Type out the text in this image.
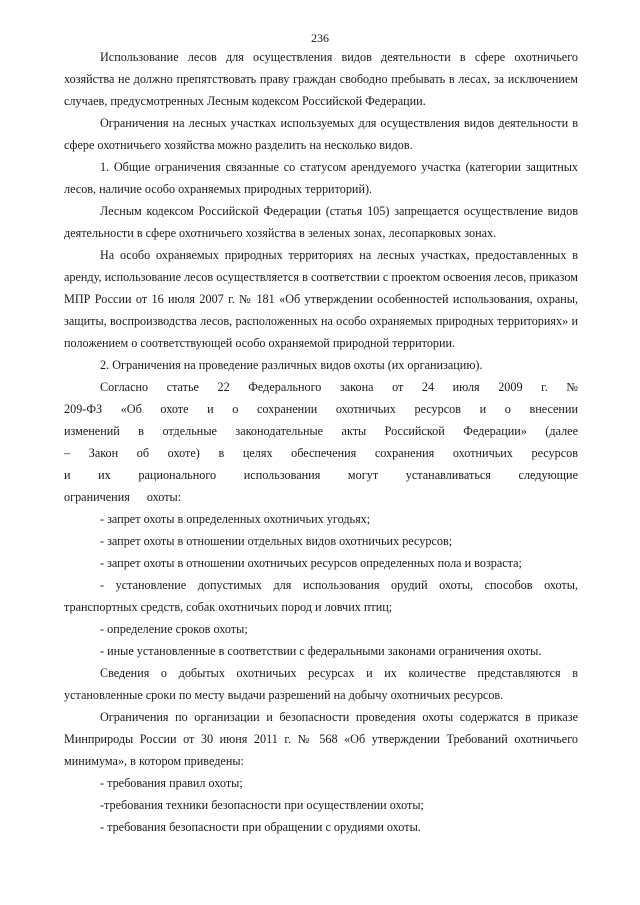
236

Использование лесов для осуществления видов деятельности в сфере охотничьего хозяйства не должно препятствовать праву граждан свободно пребывать в лесах, за исключением случаев, предусмотренных Лесным кодексом Российской Федерации.

Ограничения на лесных участках используемых для осуществления видов деятельности в сфере охотничьего хозяйства можно разделить на несколько видов.

1. Общие ограничения связанные со статусом арендуемого участка (категории защитных лесов, наличие особо охраняемых природных территорий).

Лесным кодексом Российской Федерации (статья 105) запрещается осуществление видов деятельности в сфере охотничьего хозяйства в зеленых зонах, лесопарковых зонах.

На особо охраняемых природных территориях на лесных участках, предоставленных в аренду, использование лесов осуществляется в соответствии с проектом освоения лесов, приказом МПР России от 16 июля 2007 г. № 181 «Об утверждении особенностей использования, охраны, защиты, воспроизводства лесов, расположенных на особо охраняемых природных территориях» и положением о соответствующей особо охраняемой природной территории.

2. Ограничения на проведение различных видов охоты (их организацию).

Согласно статье 22 Федерального закона от 24 июля 2009 г. № 209-ФЗ «Об охоте и о сохранении охотничьих ресурсов и о внесении изменений в отдельные законодательные акты Российской Федерации» (далее – Закон об охоте) в целях обеспечения сохранения охотничьих ресурсов и их рационального использования могут устанавливаться следующие ограничения охоты:

- запрет охоты в определенных охотничьих угодьях;

- запрет охоты в отношении отдельных видов охотничьих ресурсов;

- запрет охоты в отношении охотничьих ресурсов определенных пола и возраста;

- установление допустимых для использования орудий охоты, способов охоты, транспортных средств, собак охотничьих пород и ловчих птиц;

- определение сроков охоты;

- иные установленные в соответствии с федеральными законами ограничения охоты.

Сведения о добытых охотничьих ресурсах и их количестве представляются в установленные сроки по месту выдачи разрешений на добычу охотничьих ресурсов.

Ограничения по организации и безопасности проведения охоты содержатся в приказе Минприроды России от 30 июня 2011 г. № 568 «Об утверждении Требований охотничьего минимума», в котором приведены:

- требования правил охоты;

-требования техники безопасности при осуществлении охоты;

- требования безопасности при обращении с орудиями охоты.
